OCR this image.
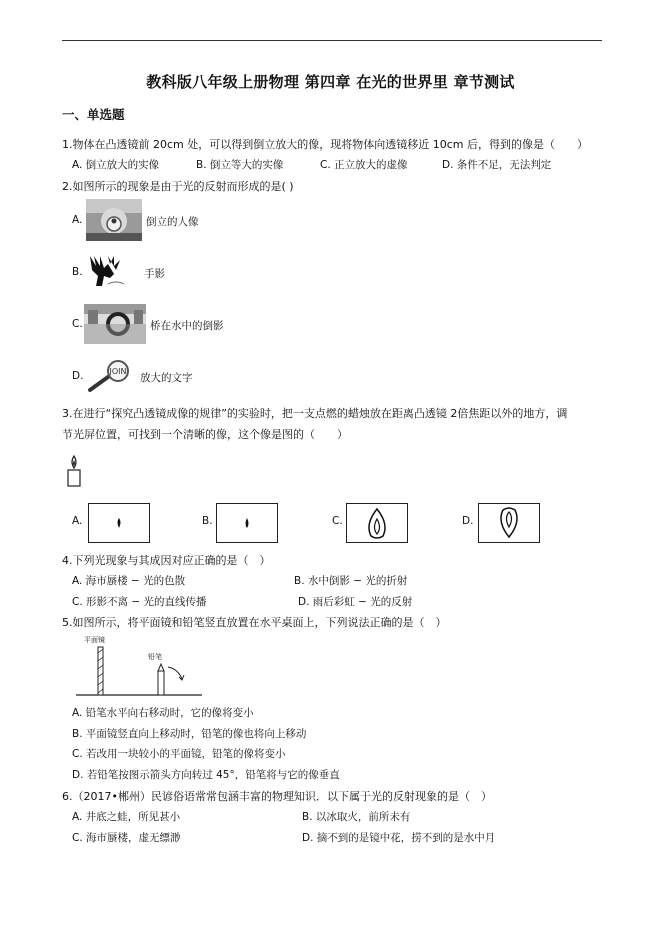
教科版八年级上册物理 第四章 在光的世界里 章节测试
一、单选题
1.物体在凸透镜前 20cm 处，可以得到倒立放大的像，现将物体向透镜移近 10cm 后，得到的像是（　　）
A. 倒立放大的实像	B. 倒立等大的实像	C. 正立放大的虚像	D. 条件不足，无法判定
2.如图所示的现象是由于光的反射而形成的是( )
A.	倒立的人像
B.	手影
C.	桥在水中的倒影
D.	JOIN
放大的文字
3.在进行“探究凸透镜成像的规律”的实验时，把一支点燃的蜡烛放在距离凸透镜 2倍焦距以外的地方，调
节光屏位置，可找到一个清晰的像，这个像是图的（　　）
A.	B.	C.	D.
4.下列光现象与其成因对应正确的是（　）
A. 海市蜃楼 − 光的色散	B. 水中倒影 − 光的折射
C. 形影不离 − 光的直线传播	D. 雨后彩虹 − 光的反射
5.如图所示，将平面镜和铅笔竖直放置在水平桌面上，下列说法正确的是（　）
平面镜
铅笔
A. 铅笔水平向右移动时，它的像将变小
B. 平面镜竖直向上移动时，铅笔的像也将向上移动
C. 若改用一块较小的平面镜，铅笔的像将变小
D. 若铅笔按图示箭头方向转过 45°，铅笔将与它的像垂直
6.（2017•郴州）民谚俗语常常包涵丰富的物理知识．以下属于光的反射现象的是（　）
A. 井底之蛙，所见甚小	B. 以冰取火，前所未有
C. 海市蜃楼，虚无缥渺	D. 摘不到的是镜中花，捞不到的是水中月
